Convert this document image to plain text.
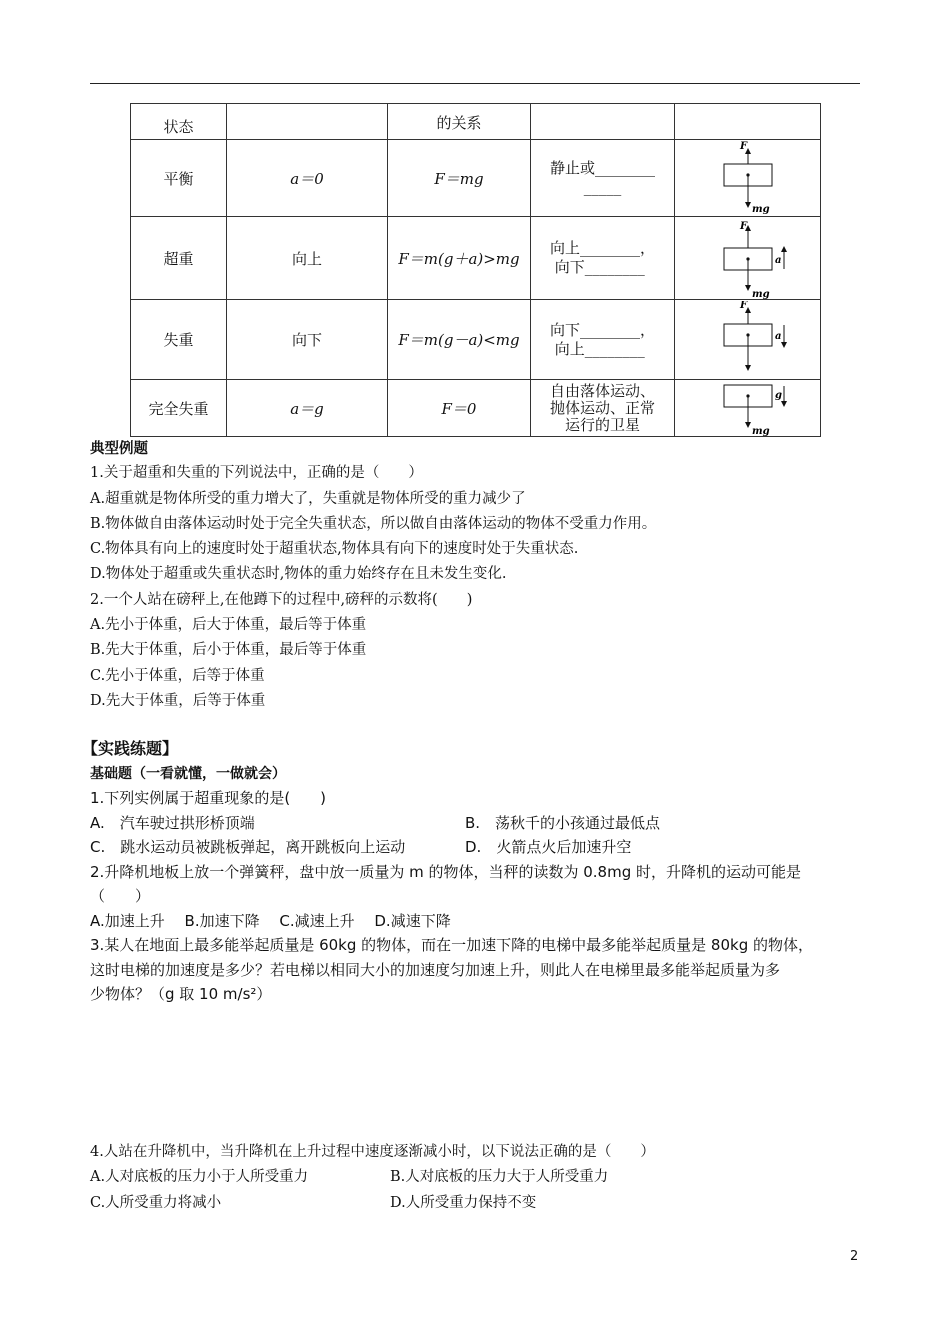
状态		的关系		
平衡	a＝0	F＝mg	静止或________
_____	F
mg

超重	向上	F＝m(g＋a)>mg	向上________，
向下________	F
a
mg

失重	向下	F＝m(g－a)<mg	向下________，
向上________	F
a

完全失重	a＝g	F＝0	自由落体运动、
抛体运动、正常
运行的卫星	g
mg
典型例题
1.关于超重和失重的下列说法中，正确的是（　　）
A.超重就是物体所受的重力增大了，失重就是物体所受的重力减少了
B.物体做自由落体运动时处于完全失重状态，所以做自由落体运动的物体不受重力作用。
C.物体具有向上的速度时处于超重状态,物体具有向下的速度时处于失重状态.
D.物体处于超重或失重状态时,物体的重力始终存在且未发生变化.
2.一个人站在磅秤上,在他蹲下的过程中,磅秤的示数将(　　)
A.先小于体重，后大于体重，最后等于体重
B.先大于体重，后小于体重，最后等于体重
C.先小于体重，后等于体重
D.先大于体重，后等于体重
【实践练题】
基础题（一看就懂，一做就会）
1.下列实例属于超重现象的是(　　)
A.　汽车驶过拱形桥顶端	B.　荡秋千的小孩通过最低点
C.　跳水运动员被跳板弹起，离开跳板向上运动	D.　火箭点火后加速升空
2.升降机地板上放一个弹簧秤，盘中放一质量为 m 的物体，当秤的读数为 0.8mg 时，升降机的运动可能是
（　　）
A.加速上升　 B.加速下降　 C.减速上升　 D.减速下降
3.某人在地面上最多能举起质量是 60kg 的物体，而在一加速下降的电梯中最多能举起质量是 80kg 的物体，
这时电梯的加速度是多少？若电梯以相同大小的加速度匀加速上升，则此人在电梯里最多能举起质量为多
少物体？（g 取 10 m/s²）
4.人站在升降机中，当升降机在上升过程中速度逐渐减小时，以下说法正确的是（　　）
A.人对底板的压力小于人所受重力	B.人对底板的压力大于人所受重力
C.人所受重力将减小	D.人所受重力保持不变
2
